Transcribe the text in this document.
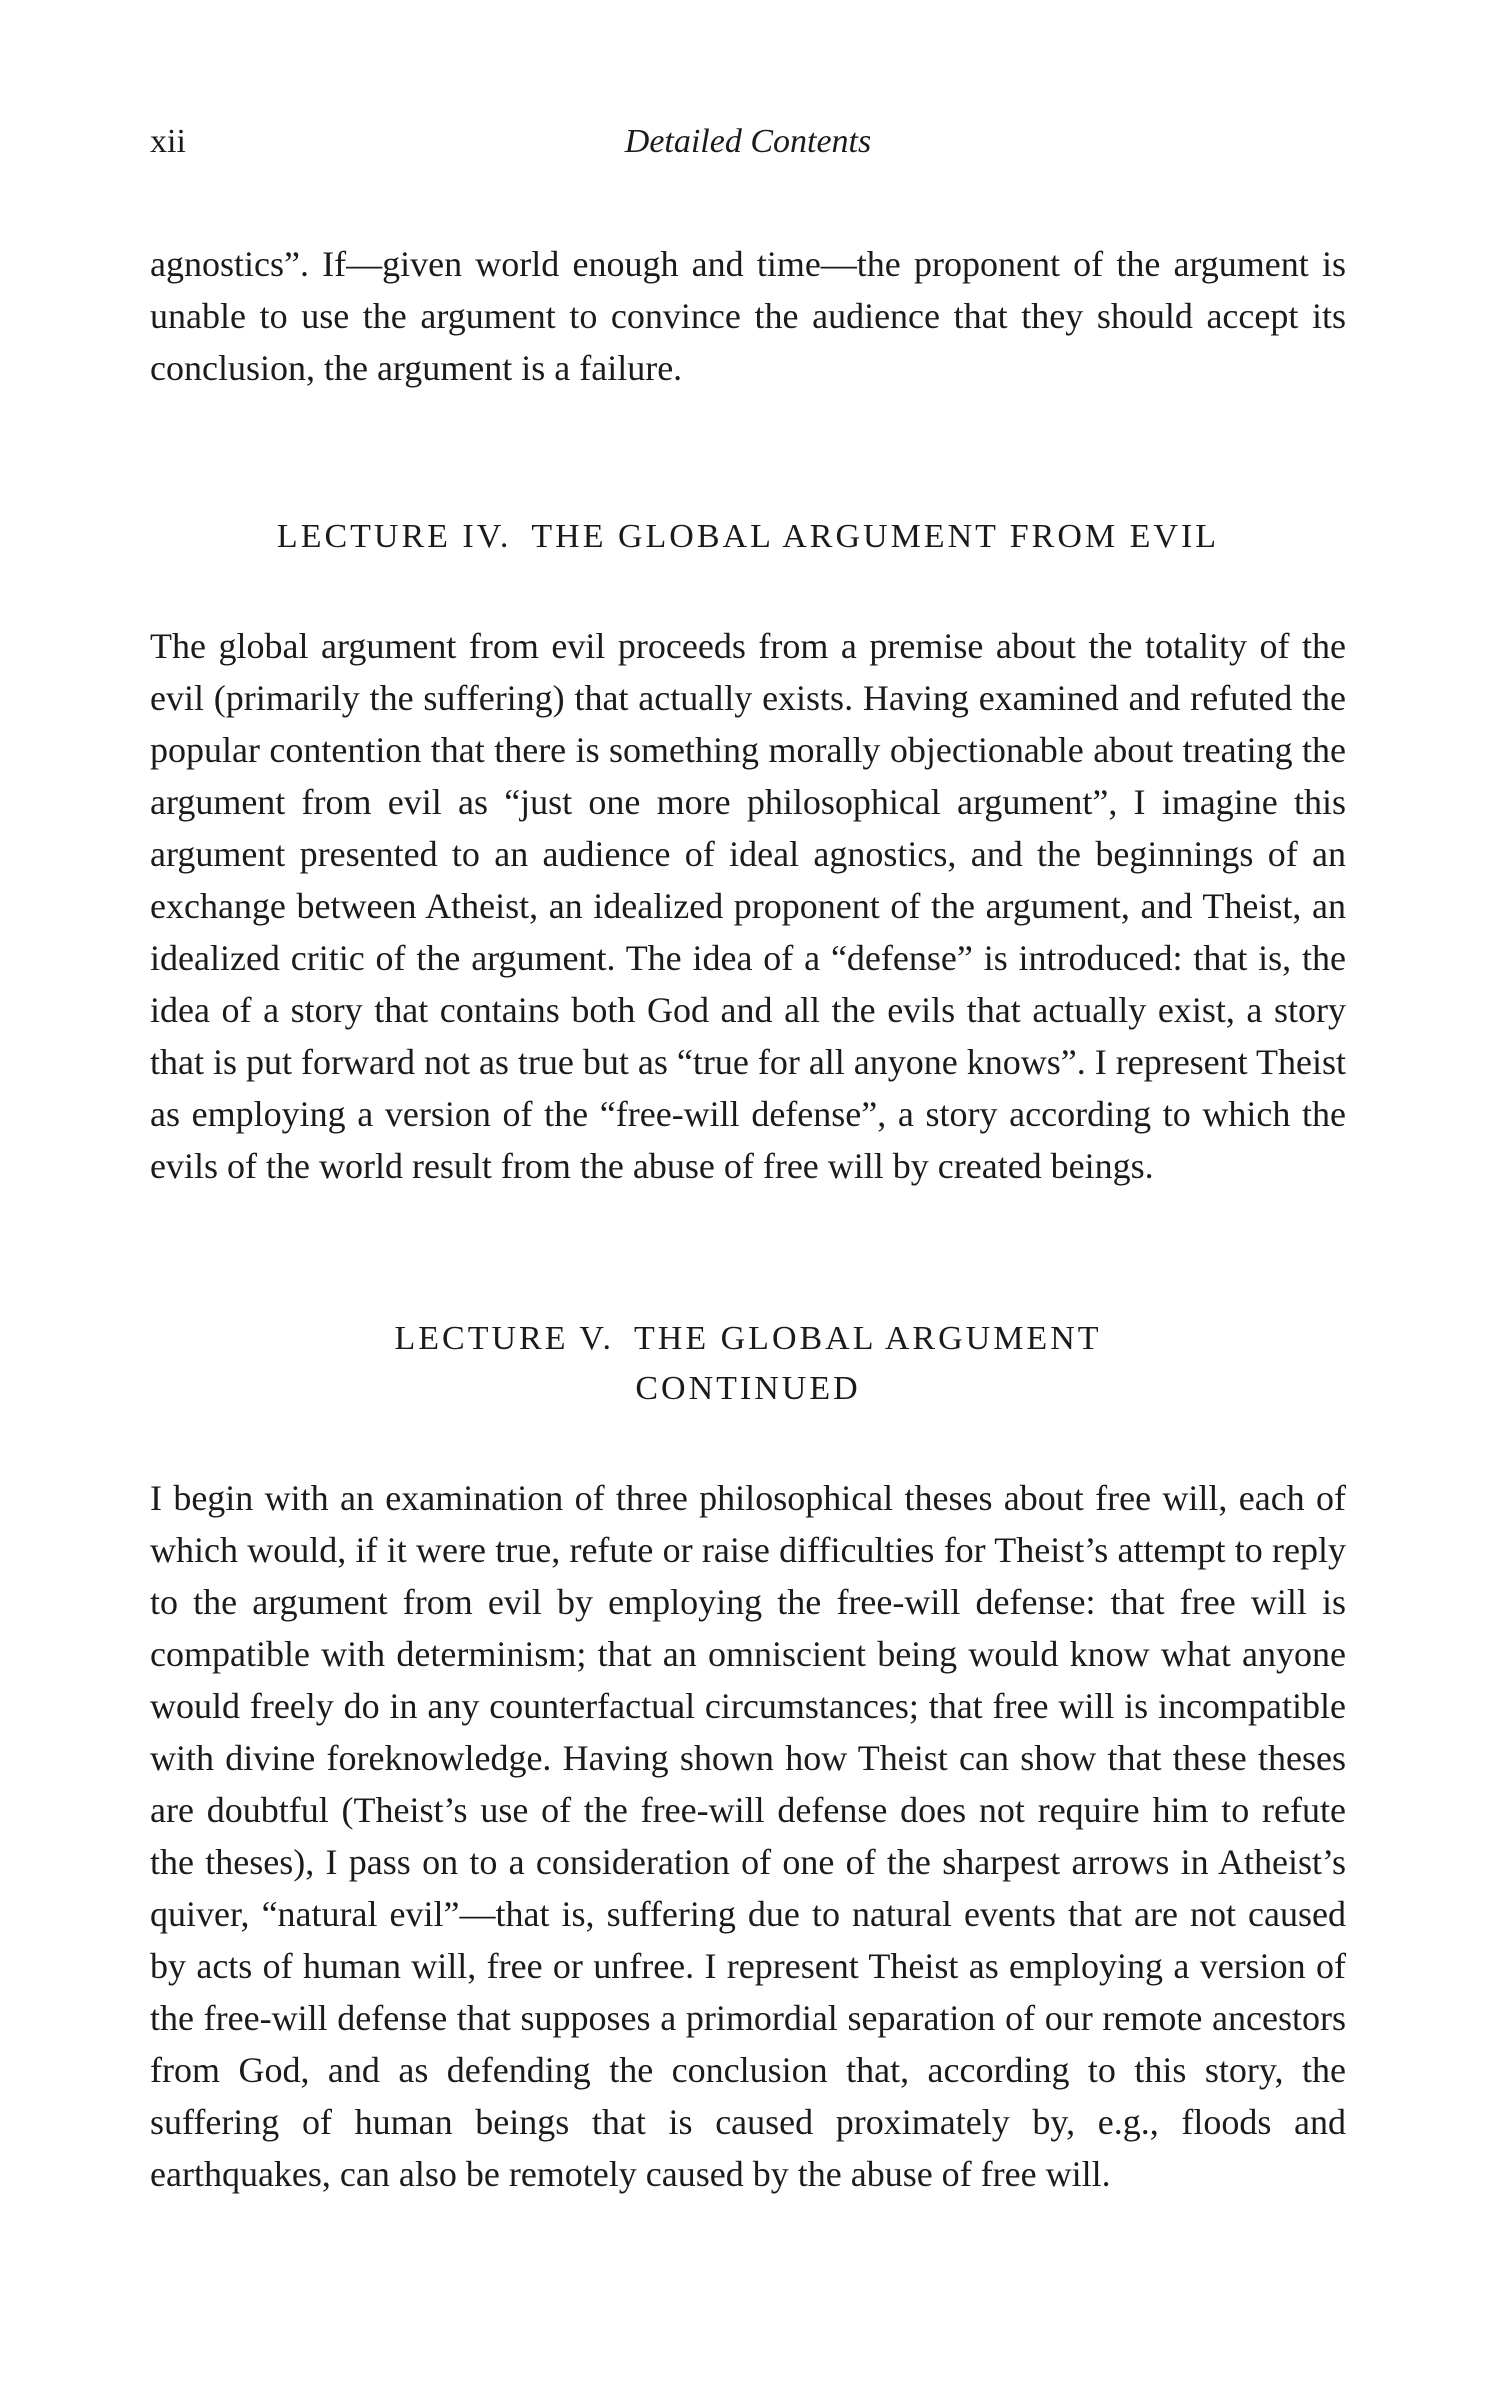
xii	Detailed Contents

agnostics”. If—given world enough and time—the proponent of the argument is unable to use the argument to convince the audience that they should accept its conclusion, the argument is a failure.

LECTURE IV. THE GLOBAL ARGUMENT FROM EVIL

The global argument from evil proceeds from a premise about the totality of the evil (primarily the suffering) that actually exists. Having examined and refuted the popular contention that there is something morally objectionable about treating the argument from evil as “just one more philosophical argument”, I imagine this argument presented to an audience of ideal agnostics, and the beginnings of an exchange between Atheist, an idealized proponent of the argument, and Theist, an idealized critic of the argument. The idea of a “defense” is introduced: that is, the idea of a story that contains both God and all the evils that actually exist, a story that is put forward not as true but as “true for all anyone knows”. I represent Theist as employing a version of the “free-will defense”, a story according to which the evils of the world result from the abuse of free will by created beings.

LECTURE V. THE GLOBAL ARGUMENT
CONTINUED

I begin with an examination of three philosophical theses about free will, each of which would, if it were true, refute or raise difficulties for Theist’s attempt to reply to the argument from evil by employing the free-will defense: that free will is compatible with determinism; that an omniscient being would know what anyone would freely do in any counterfactual circumstances; that free will is incompatible with divine foreknowledge. Having shown how Theist can show that these theses are doubtful (Theist’s use of the free-will defense does not require him to refute the theses), I pass on to a consideration of one of the sharpest arrows in Atheist’s quiver, “natural evil”—that is, suffering due to natural events that are not caused by acts of human will, free or unfree. I represent Theist as employing a version of the free-will defense that supposes a primordial separation of our remote ancestors from God, and as defending the conclusion that, according to this story, the suffering of human beings that is caused proximately by, e.g., floods and earthquakes, can also be remotely caused by the abuse of free will.
